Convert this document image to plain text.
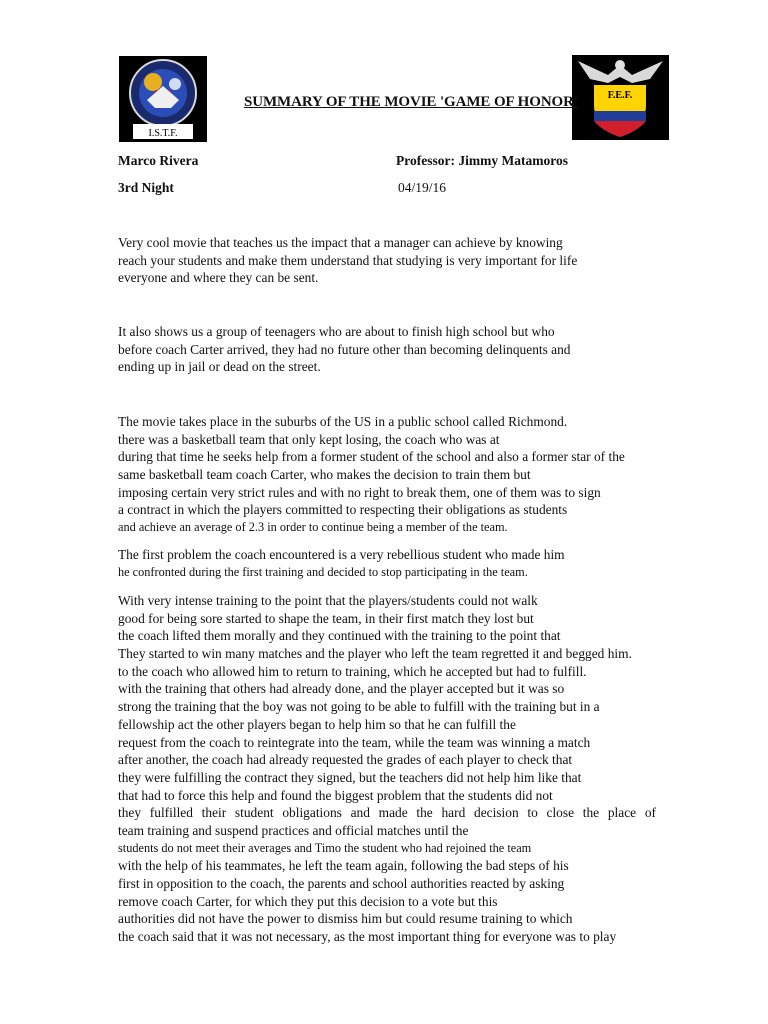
I.S.T.F.
F.E.F.
SUMMARY OF THE MOVIE 'GAME OF HONOR'
Marco Rivera	Professor: Jimmy Matamoros
3rd Night	04/19/16
Very cool movie that teaches us the impact that a manager can achieve by knowing
reach your students and make them understand that studying is very important for life
everyone and where they can be sent.
It also shows us a group of teenagers who are about to finish high school but who
before coach Carter arrived, they had no future other than becoming delinquents and
ending up in jail or dead on the street.
The movie takes place in the suburbs of the US in a public school called Richmond.
there was a basketball team that only kept losing, the coach who was at
during that time he seeks help from a former student of the school and also a former star of the
same basketball team coach Carter, who makes the decision to train them but
imposing certain very strict rules and with no right to break them, one of them was to sign
a contract in which the players committed to respecting their obligations as students
and achieve an average of 2.3 in order to continue being a member of the team.
The first problem the coach encountered is a very rebellious student who made him
he confronted during the first training and decided to stop participating in the team.
With very intense training to the point that the players/students could not walk
good for being sore started to shape the team, in their first match they lost but
the coach lifted them morally and they continued with the training to the point that
They started to win many matches and the player who left the team regretted it and begged him.
to the coach who allowed him to return to training, which he accepted but had to fulfill.
with the training that others had already done, and the player accepted but it was so
strong the training that the boy was not going to be able to fulfill with the training but in a
fellowship act the other players began to help him so that he can fulfill the
request from the coach to reintegrate into the team, while the team was winning a match
after another, the coach had already requested the grades of each player to check that
they were fulfilling the contract they signed, but the teachers did not help him like that
that had to force this help and found the biggest problem that the students did not
they fulfilled their student obligations and made the hard decision to close the place of
team training and suspend practices and official matches until the
students do not meet their averages and Timo the student who had rejoined the team
with the help of his teammates, he left the team again, following the bad steps of his
first in opposition to the coach, the parents and school authorities reacted by asking
remove coach Carter, for which they put this decision to a vote but this
authorities did not have the power to dismiss him but could resume training to which
the coach said that it was not necessary, as the most important thing for everyone was to play
